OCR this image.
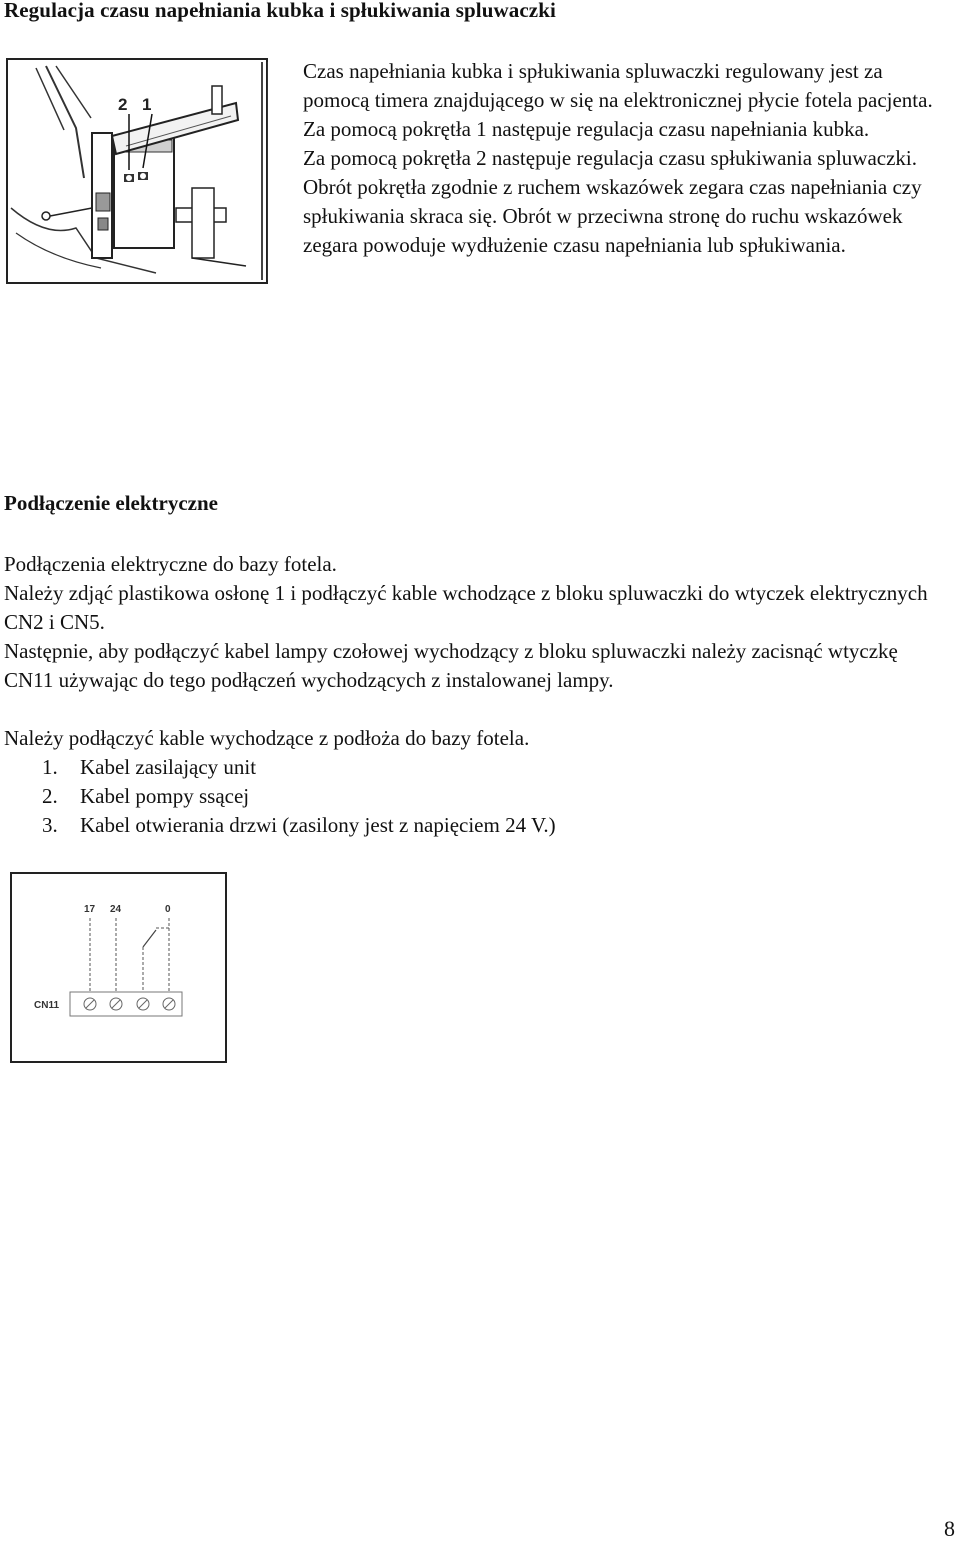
Regulacja czasu napełniania kubka i spłukiwania spluwaczki
2 1

Czas napełniania kubka i spłukiwania spluwaczki regulowany jest za pomocą timera znajdującego w się na elektronicznej płycie fotela pacjenta.

Za pomocą pokrętła 1 następuje regulacja czasu napełniania kubka.

Za pomocą pokrętła 2 następuje regulacja czasu spłukiwania spluwaczki.

Obrót pokrętła zgodnie z ruchem wskazówek zegara czas napełniania czy spłukiwania skraca się. Obrót w przeciwna stronę do ruchu wskazówek zegara powoduje wydłużenie czasu napełniania lub spłukiwania.

Podłączenie elektryczne

Podłączenia elektryczne do bazy fotela.

Należy zdjąć plastikowa osłonę 1 i podłączyć kable wchodzące z bloku spluwaczki do wtyczek elektrycznych CN2 i CN5.

Następnie, aby podłączyć kabel lampy czołowej wychodzący z bloku spluwaczki należy zacisnąć wtyczkę CN11 używając do tego podłączeń wychodzących z instalowanej lampy.

Należy podłączyć kable wychodzące z podłoża do bazy fotela.

1.	Kabel zasilający unit
2.	Kabel pompy ssącej
3.	Kabel otwierania drzwi (zasilony jest z napięciem 24 V.)
17 24	0
CN11
8
